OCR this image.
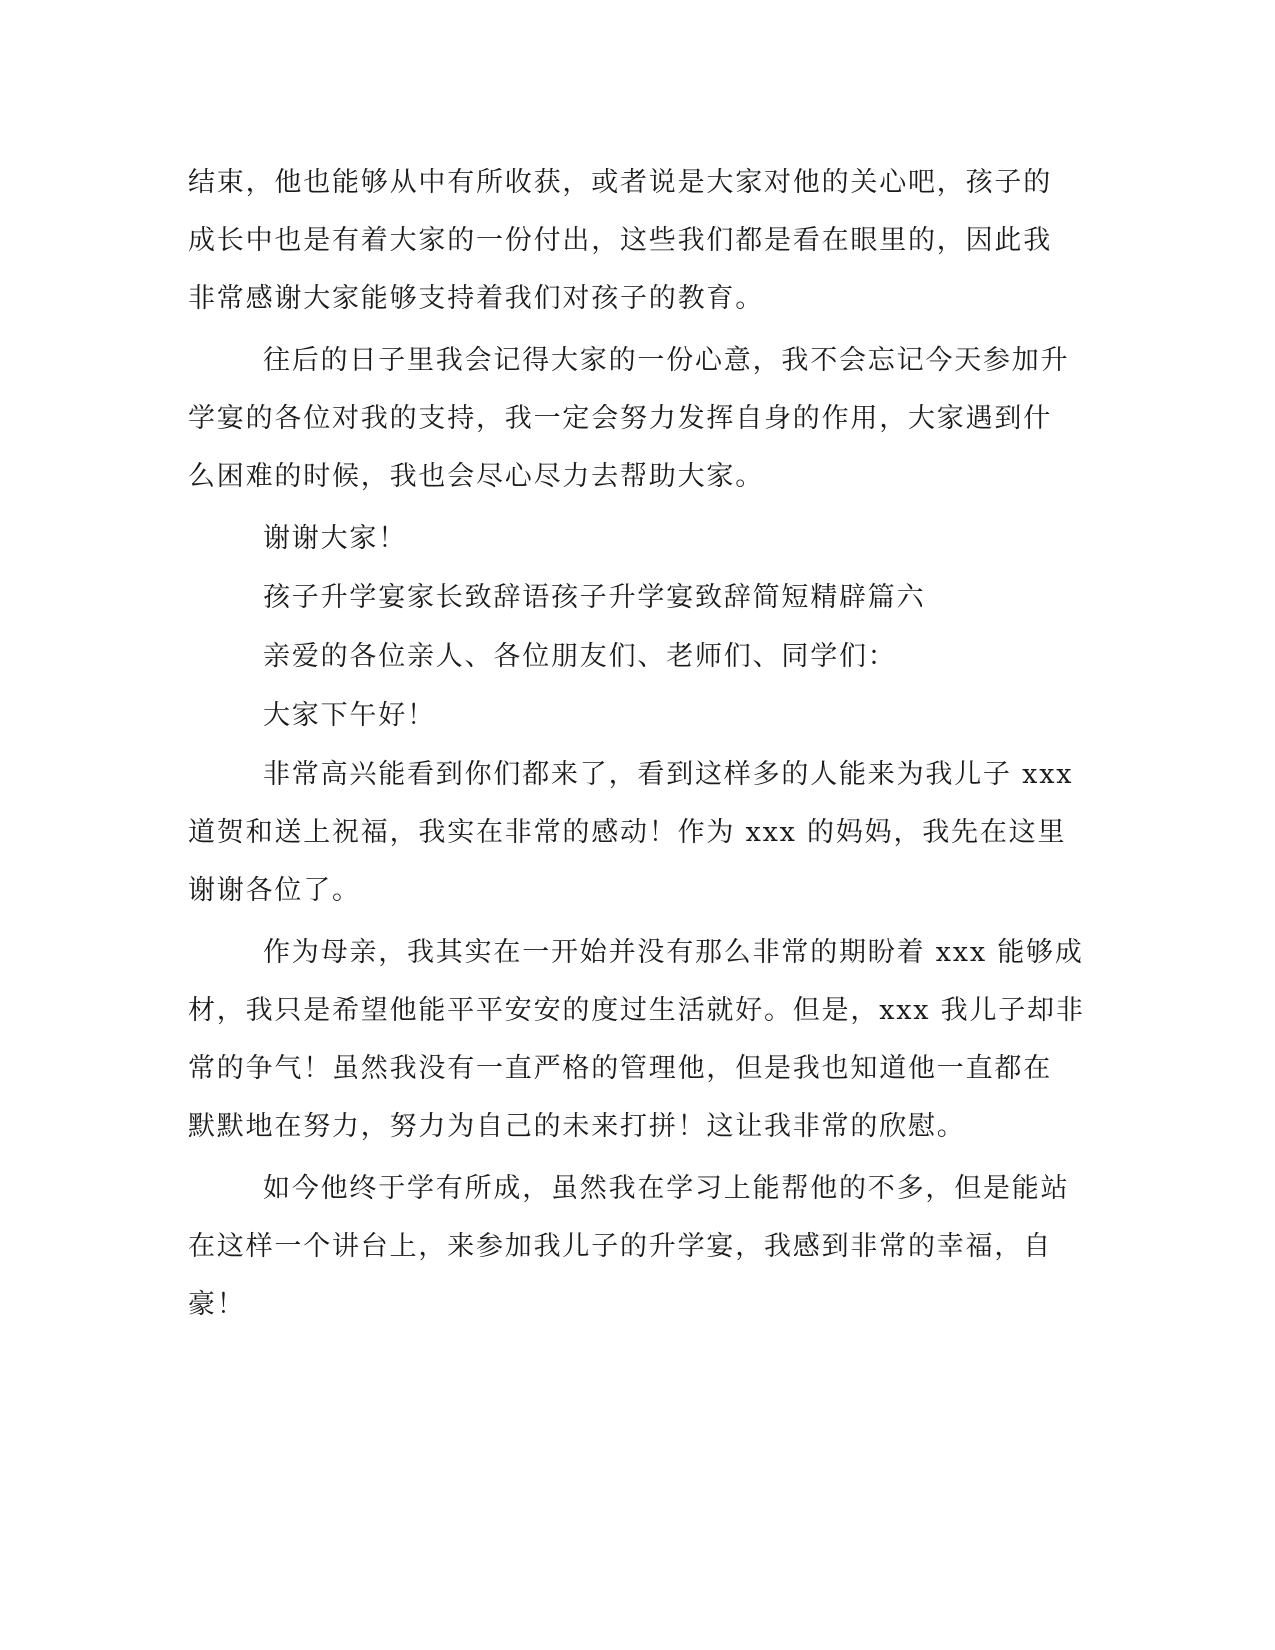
结束，他也能够从中有所收获，或者说是大家对他的关心吧，孩子的
成长中也是有着大家的一份付出，这些我们都是看在眼里的，因此我
非常感谢大家能够支持着我们对孩子的教育。
往后的日子里我会记得大家的一份心意，我不会忘记今天参加升
学宴的各位对我的支持，我一定会努力发挥自身的作用，大家遇到什
么困难的时候，我也会尽心尽力去帮助大家。
谢谢大家！
孩子升学宴家长致辞语孩子升学宴致辞简短精辟篇六
亲爱的各位亲人、各位朋友们、老师们、同学们：
大家下午好！
非常高兴能看到你们都来了，看到这样多的人能来为我儿子 xxx
道贺和送上祝福，我实在非常的感动！作为 xxx 的妈妈，我先在这里
谢谢各位了。
作为母亲，我其实在一开始并没有那么非常的期盼着 xxx 能够成
材，我只是希望他能平平安安的度过生活就好。但是，xxx 我儿子却非
常的争气！虽然我没有一直严格的管理他，但是我也知道他一直都在
默默地在努力，努力为自己的未来打拼！这让我非常的欣慰。
如今他终于学有所成，虽然我在学习上能帮他的不多，但是能站
在这样一个讲台上，来参加我儿子的升学宴，我感到非常的幸福，自
豪！
